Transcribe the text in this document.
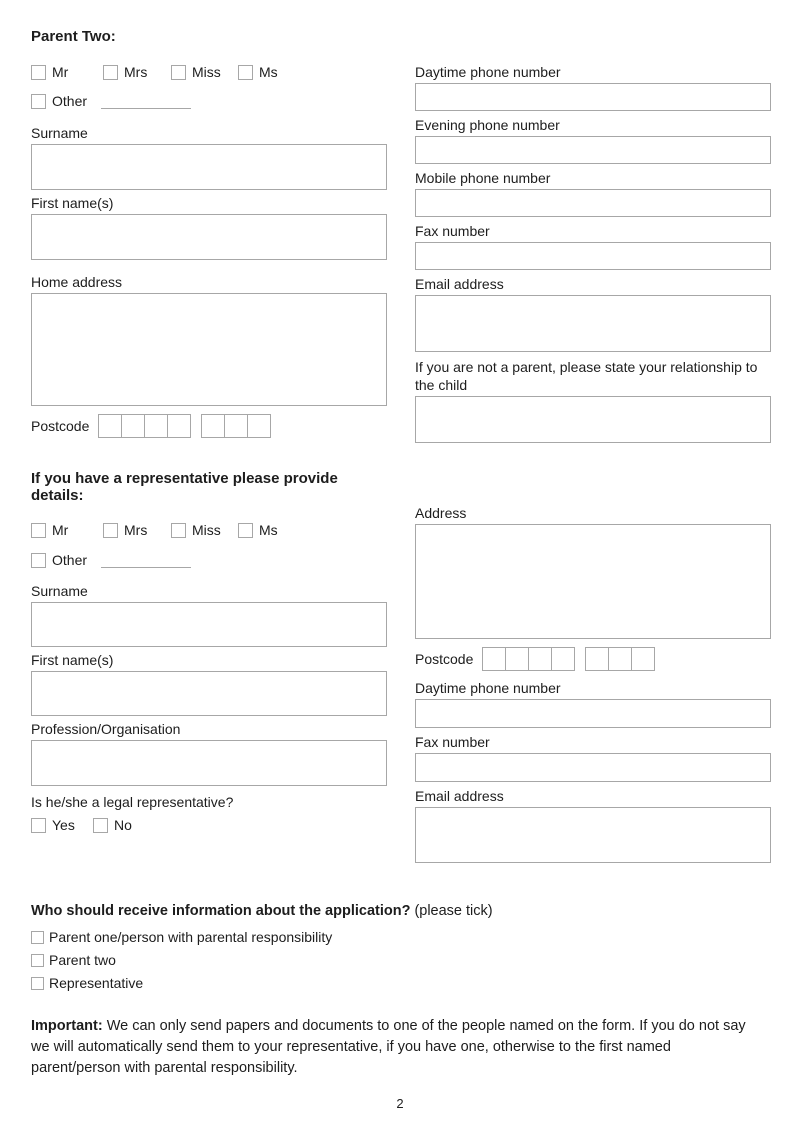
Parent Two:
Mr	Mrs	Miss	Ms
Other
Surname
First name(s)
Home address
Postcode
Daytime phone number
Evening phone number
Mobile phone number
Fax number
Email address
If you are not a parent, please state your relationship to the child
If you have a representative please provide details:
Mr	Mrs	Miss	Ms
Other
Surname
First name(s)
Profession/Organisation
Is he/she a legal representative?
Yes	No
Address
Postcode
Daytime phone number
Fax number
Email address
Who should receive information about the application? (please tick)
Parent one/person with parental responsibility
Parent two
Representative
Important: We can only send papers and documents to one of the people named on the form. If you do not say we will automatically send them to your representative, if you have one, otherwise to the first named parent/person with parental responsibility.
2
